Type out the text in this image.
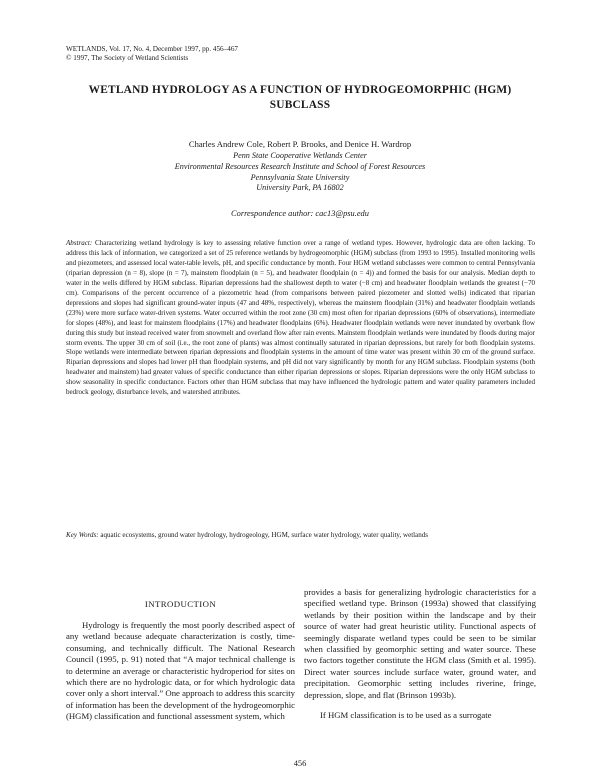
WETLANDS, Vol. 17, No. 4, December 1997, pp. 456–467
© 1997, The Society of Wetland Scientists
WETLAND HYDROLOGY AS A FUNCTION OF HYDROGEOMORPHIC (HGM)
SUBCLASS
Charles Andrew Cole, Robert P. Brooks, and Denice H. Wardrop
Penn State Cooperative Wetlands Center
Environmental Resources Research Institute and School of Forest Resources
Pennsylvania State University
University Park, PA 16802
Correspondence author: cac13@psu.edu
Abstract: Characterizing wetland hydrology is key to assessing relative function over a range of wetland types. However, hydrologic data are often lacking. To address this lack of information, we categorized a set of 25 reference wetlands by hydrogeomorphic (HGM) subclass (from 1993 to 1995). Installed monitoring wells and piezometers, and assessed local water-table levels, pH, and specific conductance by month. Four HGM wetland subclasses were common to central Pennsylvania (riparian depression (n = 8), slope (n = 7), mainstem floodplain (n = 5), and headwater floodplain (n = 4)) and formed the basis for our analysis. Median depth to water in the wells differed by HGM subclass. Riparian depressions had the shallowest depth to water (−8 cm) and headwater floodplain wetlands the greatest (−70 cm). Comparisons of the percent occurrence of a piezometric head (from comparisons between paired piezometer and slotted wells) indicated that riparian depressions and slopes had significant ground-water inputs (47 and 48%, respectively), whereas the mainstem floodplain (31%) and headwater floodplain wetlands (23%) were more surface water-driven systems. Water occurred within the root zone (30 cm) most often for riparian depressions (60% of observations), intermediate for slopes (48%), and least for mainstem floodplains (17%) and headwater floodplains (6%). Headwater floodplain wetlands were never inundated by overbank flow during this study but instead received water from snowmelt and overland flow after rain events. Mainstem floodplain wetlands were inundated by floods during major storm events. The upper 30 cm of soil (i.e., the root zone of plants) was almost continually saturated in riparian depressions, but rarely for both floodplain systems. Slope wetlands were intermediate between riparian depressions and floodplain systems in the amount of time water was present within 30 cm of the ground surface. Riparian depressions and slopes had lower pH than floodplain systems, and pH did not vary significantly by month for any HGM subclass. Floodplain systems (both headwater and mainstem) had greater values of specific conductance than either riparian depressions or slopes. Riparian depressions were the only HGM subclass to show seasonality in specific conductance. Factors other than HGM subclass that may have influenced the hydrologic pattern and water quality parameters included bedrock geology, disturbance levels, and watershed attributes.
Key Words: aquatic ecosystems, ground water hydrology, hydrogeology, HGM, surface water hydrology, water quality, wetlands
INTRODUCTION

Hydrology is frequently the most poorly described aspect of any wetland because adequate characterization is costly, time-consuming, and technically difficult. The National Research Council (1995, p. 91) noted that “A major technical challenge is to determine an average or characteristic hydroperiod for sites on which there are no hydrologic data, or for which hydrologic data cover only a short interval.” One approach to address this scarcity of information has been the development of the hydrogeomorphic (HGM) classification and functional assessment system, which

provides a basis for generalizing hydrologic characteristics for a specified wetland type. Brinson (1993a) showed that classifying wetlands by their position within the landscape and by their source of water had great heuristic utility. Functional aspects of seemingly disparate wetland types could be seen to be similar when classified by geomorphic setting and water source. These two factors together constitute the HGM class (Smith et al. 1995). Direct water sources include surface water, ground water, and precipitation. Geomorphic setting includes riverine, fringe, depression, slope, and flat (Brinson 1993b).

If HGM classification is to be used as a surrogate

456
